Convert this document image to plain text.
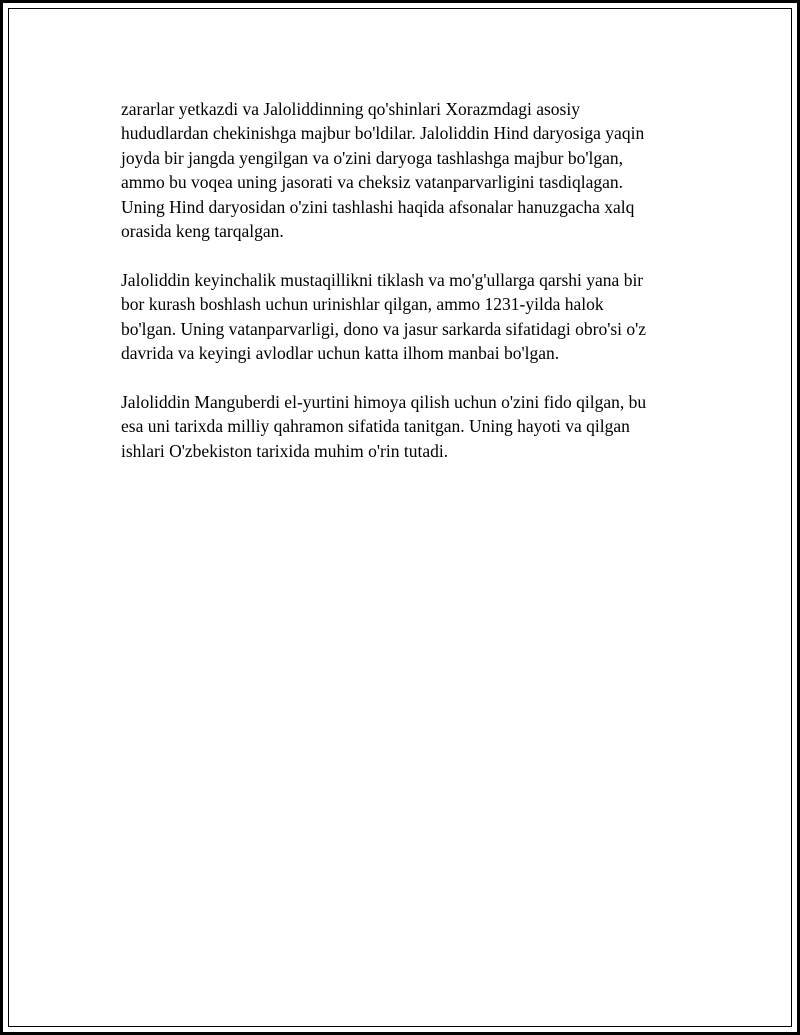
zararlar yetkazdi va Jaloliddinning qo'shinlari Xorazmdagi asosiy
hududlardan chekinishga majbur bo'ldilar. Jaloliddin Hind daryosiga yaqin
joyda bir jangda yengilgan va o'zini daryoga tashlashga majbur bo'lgan,
ammo bu voqea uning jasorati va cheksiz vatanparvarligini tasdiqlagan.
Uning Hind daryosidan o'zini tashlashi haqida afsonalar hanuzgacha xalq
orasida keng tarqalgan.

Jaloliddin keyinchalik mustaqillikni tiklash va mo'g'ullarga qarshi yana bir
bor kurash boshlash uchun urinishlar qilgan, ammo 1231-yilda halok
bo'lgan. Uning vatanparvarligi, dono va jasur sarkarda sifatidagi obro'si o'z
davrida va keyingi avlodlar uchun katta ilhom manbai bo'lgan.

Jaloliddin Manguberdi el-yurtini himoya qilish uchun o'zini fido qilgan, bu
esa uni tarixda milliy qahramon sifatida tanitgan. Uning hayoti va qilgan
ishlari O'zbekiston tarixida muhim o'rin tutadi.
